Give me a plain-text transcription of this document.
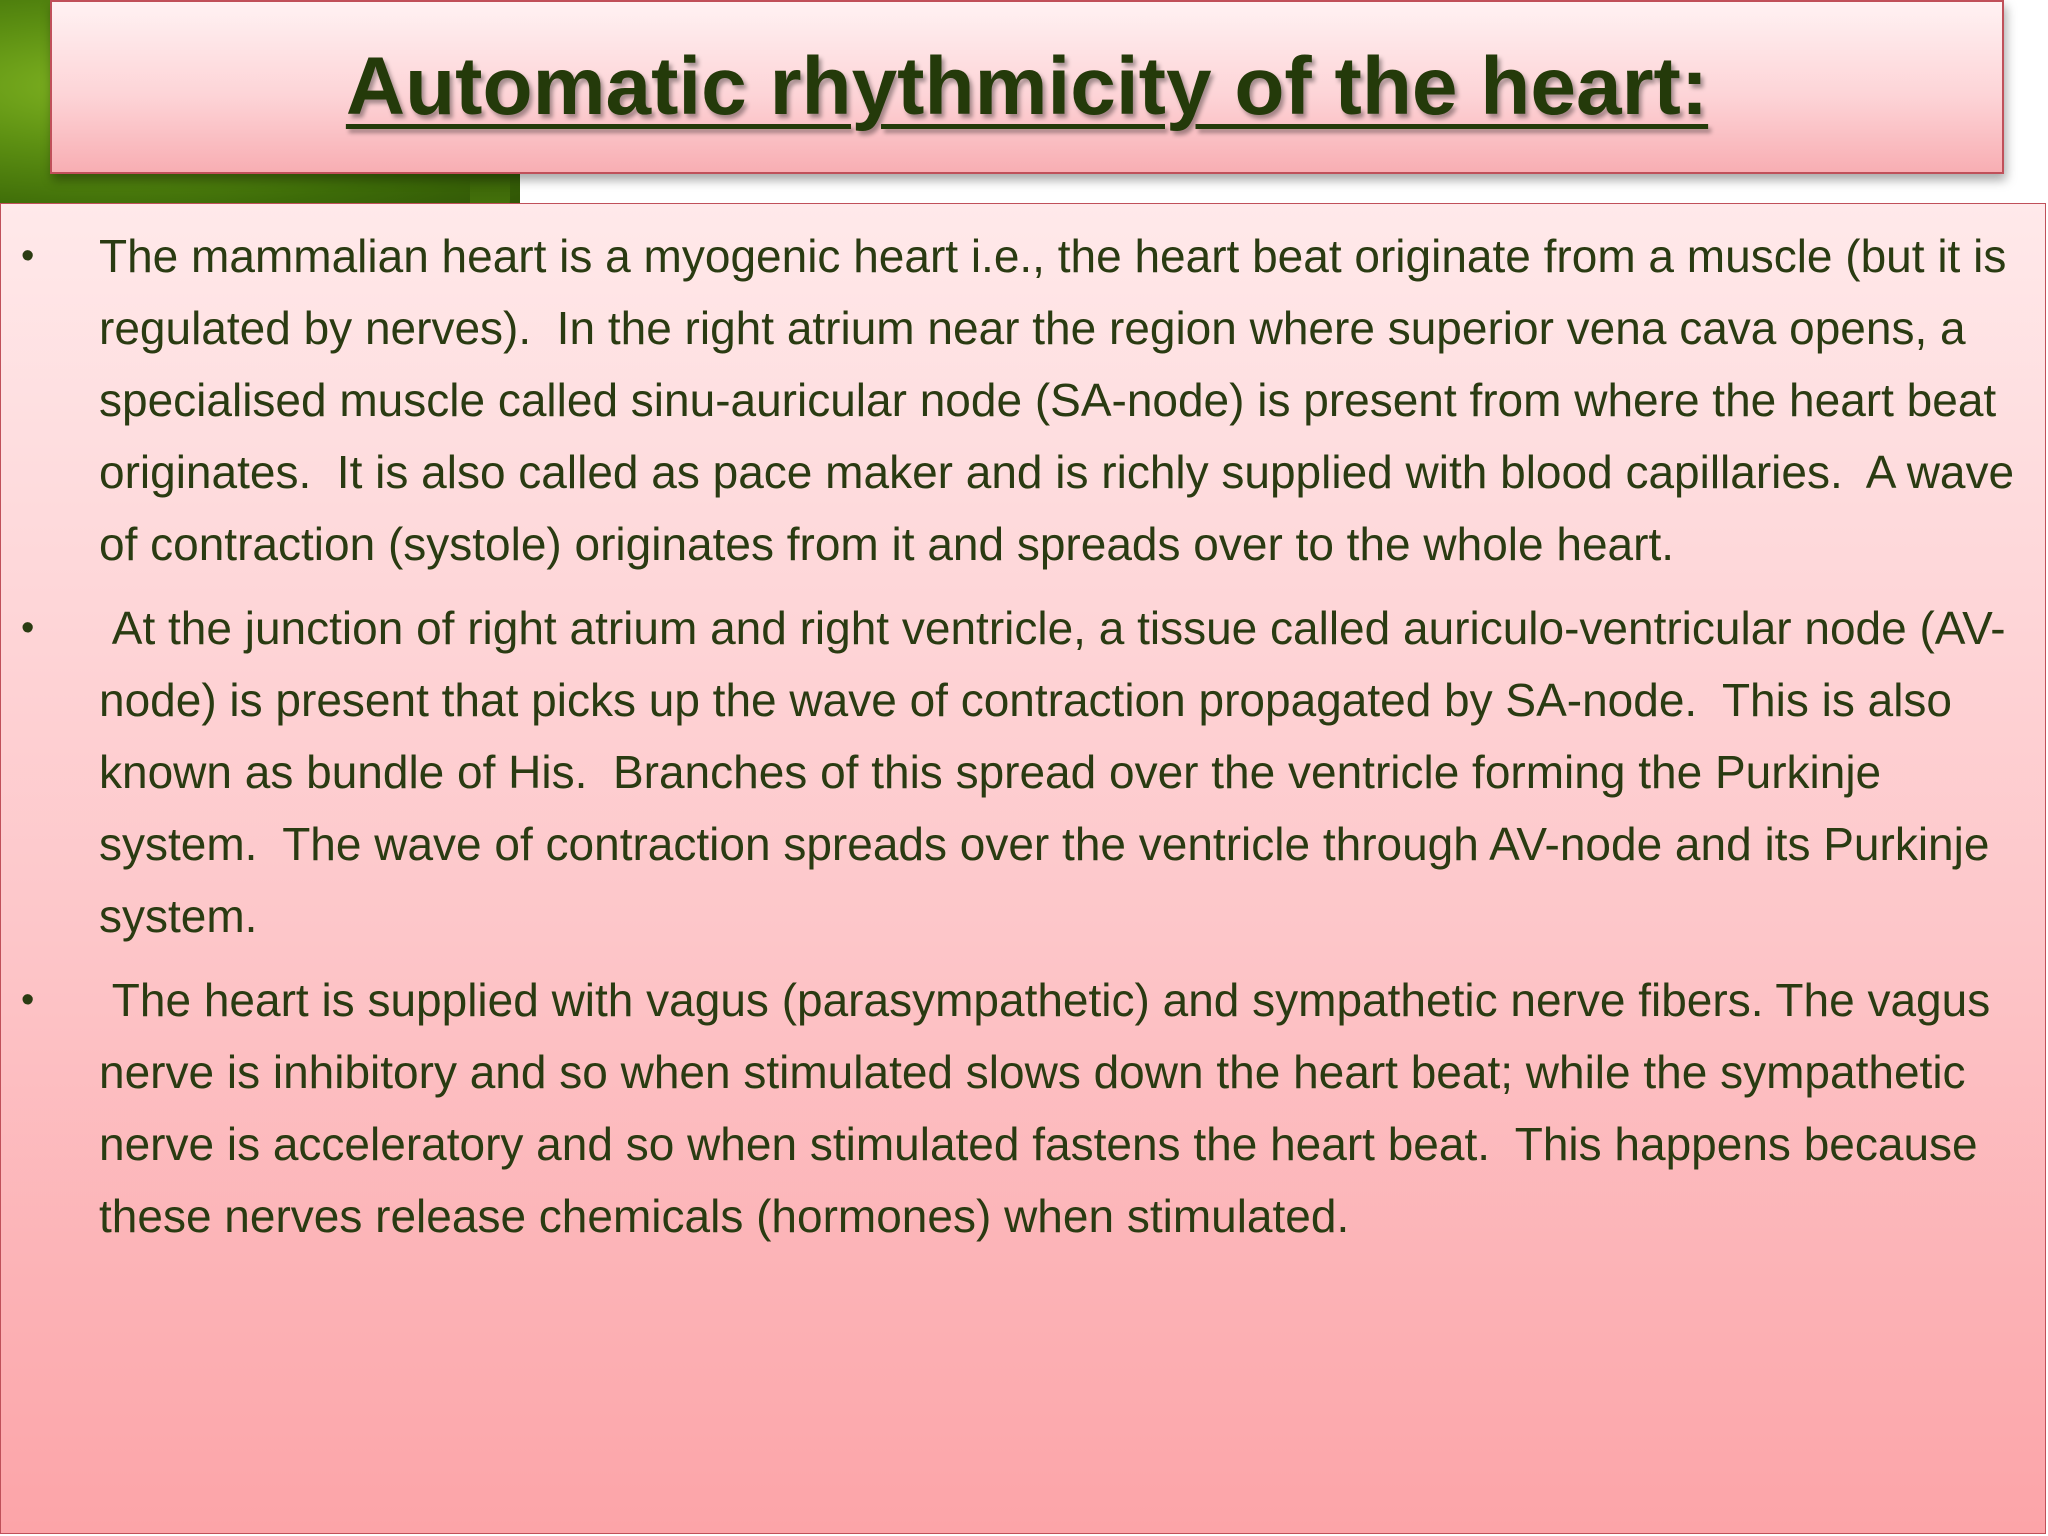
Automatic rhythmicity of the heart:
•	The mammalian heart is a myogenic heart i.e., the heart beat originate from a muscle (but it is regulated by nerves).  In the right atrium near the region where superior vena cava opens, a specialised muscle called sinu-auricular node (SA-node) is present from where the heart beat originates.  It is also called as pace maker and is richly supplied with blood capillaries.  A wave of contraction (systole) originates from it and spreads over to the whole heart.
•	At the junction of right atrium and right ventricle, a tissue called auriculo-ventricular node (AV-node) is present that picks up the wave of contraction propagated by SA-node.  This is also known as bundle of His.  Branches of this spread over the ventricle forming the Purkinje system.  The wave of contraction spreads over the ventricle through AV-node and its Purkinje system.
•	The heart is supplied with vagus (parasympathetic) and sympathetic nerve fibers. The vagus nerve is inhibitory and so when stimulated slows down the heart beat; while the sympathetic nerve is acceleratory and so when stimulated fastens the heart beat.  This happens because these nerves release chemicals (hormones) when stimulated.
